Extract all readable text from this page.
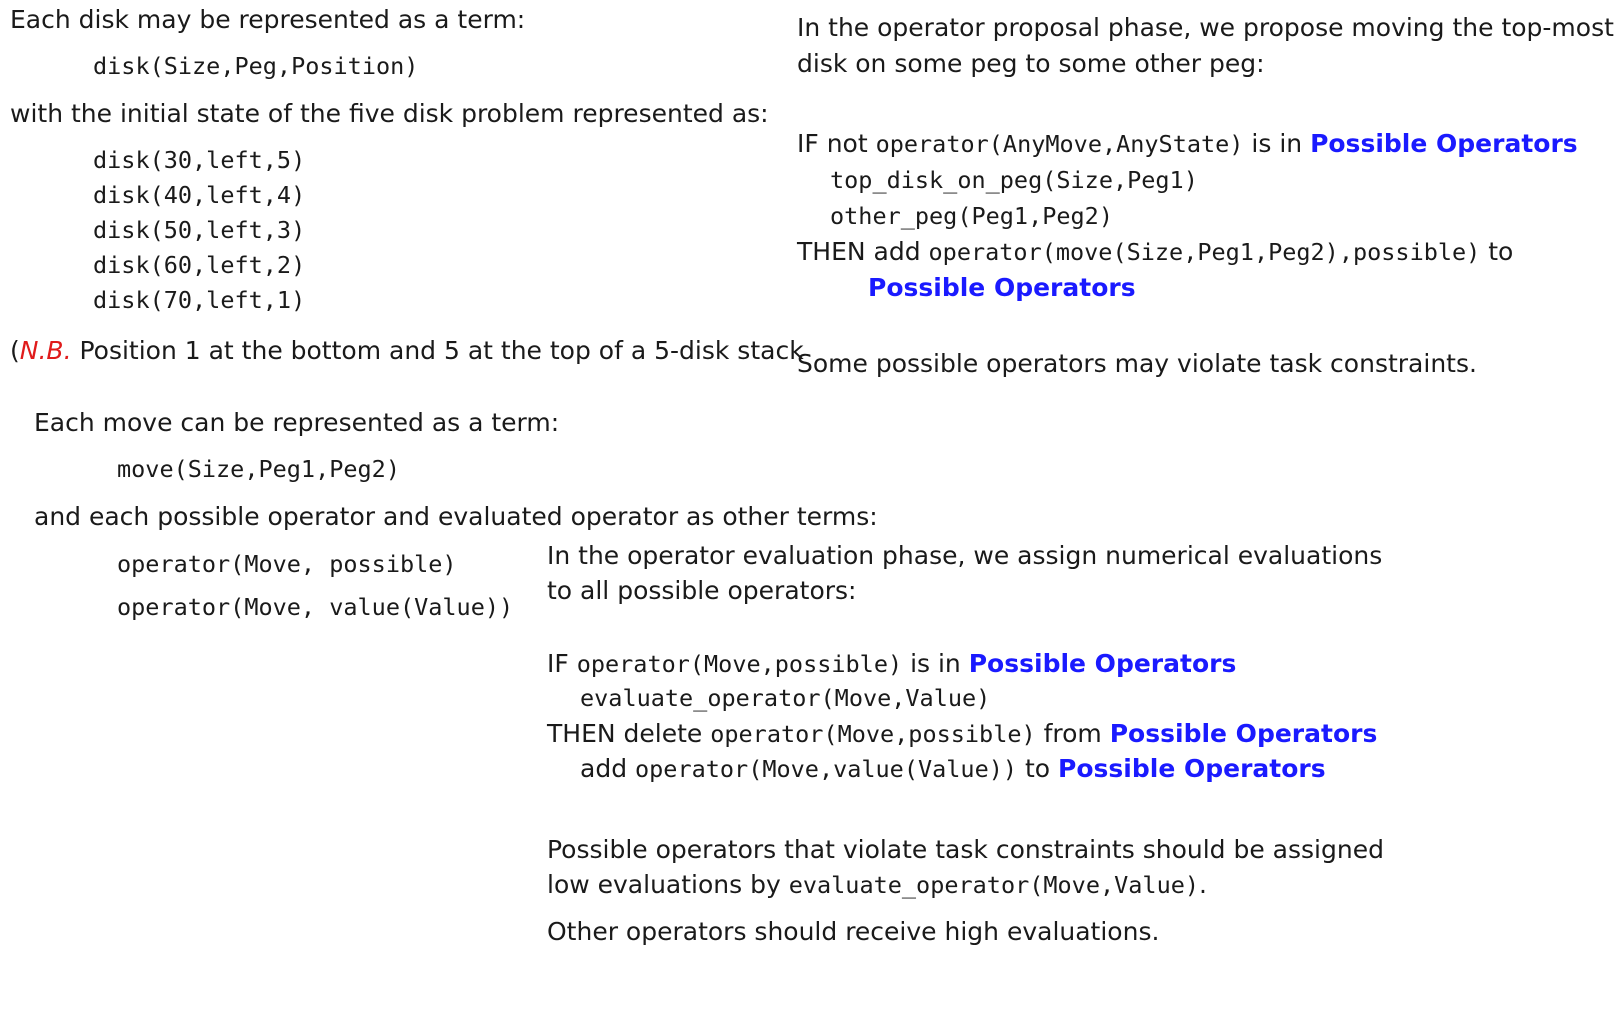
Each disk may be represented as a term:
disk(Size,Peg,Position)
with the initial state of the five disk problem represented as:
disk(30,left,5)
disk(40,left,4)
disk(50,left,3)
disk(60,left,2)
disk(70,left,1)
(N.B. Position 1 at the bottom and 5 at the top of a 5-disk stack
Each move can be represented as a term:
move(Size,Peg1,Peg2)
and each possible operator and evaluated operator as other terms:
operator(Move, possible)
operator(Move, value(Value))
In the operator proposal phase, we propose moving the top-most
disk on some peg to some other peg:
IF not operator(AnyMove,AnyState) is in Possible Operators
top_disk_on_peg(Size,Peg1)
other_peg(Peg1,Peg2)
THEN add operator(move(Size,Peg1,Peg2),possible) to
Possible Operators
Some possible operators may violate task constraints.
In the operator evaluation phase, we assign numerical evaluations
to all possible operators:
IF operator(Move,possible) is in Possible Operators
evaluate_operator(Move,Value)
THEN delete operator(Move,possible) from Possible Operators
add operator(Move,value(Value)) to Possible Operators
Possible operators that violate task constraints should be assigned
low evaluations by evaluate_operator(Move,Value).
Other operators should receive high evaluations.
